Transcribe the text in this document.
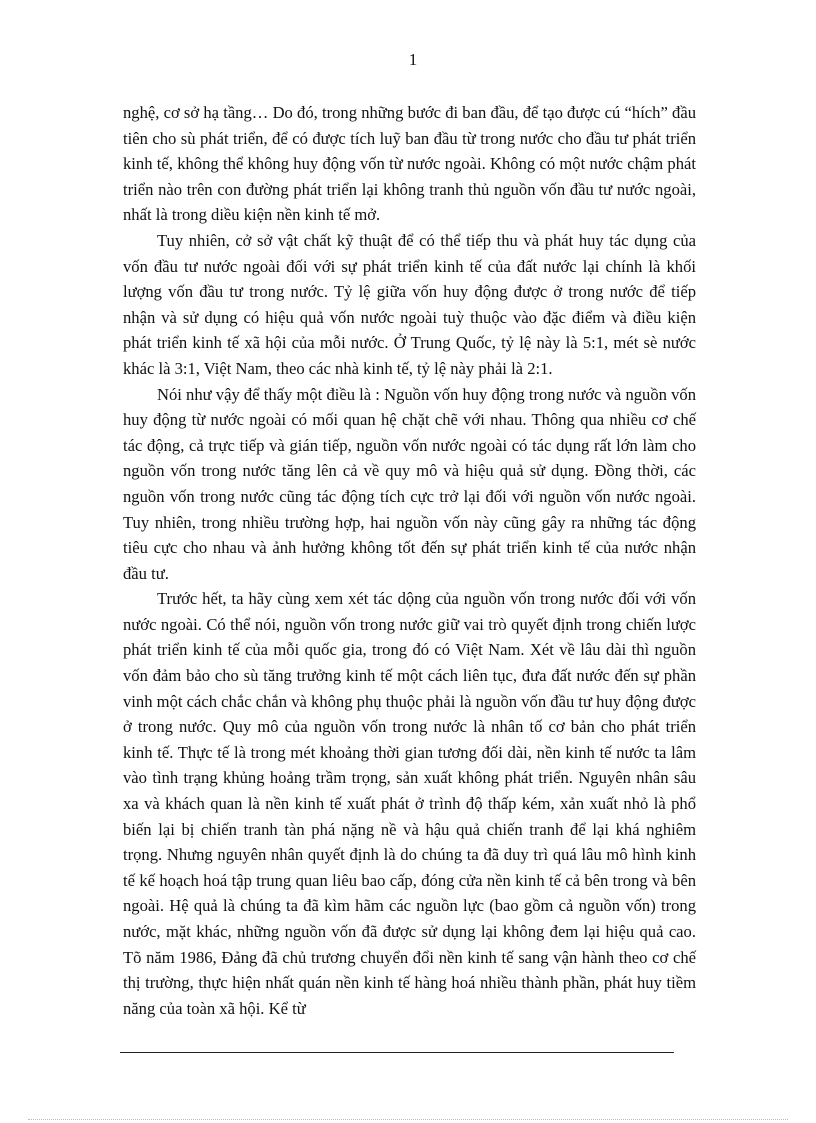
1

nghệ, cơ sở hạ tầng… Do đó, trong những bước đi ban đầu, để tạo được cú “hích” đầu tiên cho sù phát triển, để có được tích luỹ ban đầu từ trong nước cho đầu tư phát triển kinh tế, không thể không huy động vốn từ nước ngoài. Không có một nước chậm phát triển nào trên con đường phát triển lại không tranh thủ nguồn vốn đầu tư nước ngoài, nhất là trong diều kiện nền kinh tế mở.

Tuy nhiên, cở sở vật chất kỹ thuật để có thể tiếp thu và phát huy tác dụng của vốn đầu tư nước ngoài đối với sự phát triển kinh tế của đất nước lại chính là khối lượng vốn đầu tư trong nước. Tỷ lệ giữa vốn huy động được ở trong nước để tiếp nhận và sử dụng có hiệu quả vốn nước ngoài tuỳ thuộc vào đặc điểm và điều kiện phát triển kinh tế xã hội của mỗi nước. Ở Trung Quốc, tỷ lệ này là 5:1, mét sè nước khác là 3:1, Việt Nam, theo các nhà kinh tế, tỷ lệ này phải là 2:1.

Nói như vậy để thấy một điều là : Nguồn vốn huy động trong nước và nguồn vốn huy động từ nước ngoài có mối quan hệ chặt chẽ với nhau. Thông qua nhiều cơ chế tác động, cả trực tiếp và gián tiếp, nguồn vốn nước ngoài có tác dụng rất lớn làm cho nguồn vốn trong nước tăng lên cả về quy mô và hiệu quả sử dụng. Đồng thời, các nguồn vốn trong nước cũng tác động tích cực trở lại đối với nguồn vốn nước ngoài. Tuy nhiên, trong nhiều trường hợp, hai nguồn vốn này cũng gây ra những tác động tiêu cực cho nhau và ảnh hưởng không tốt đến sự phát triển kinh tế của nước nhận đầu tư.

Trước hết, ta hãy cùng xem xét tác dộng của nguồn vốn trong nước đối với vốn nước ngoài. Có thể nói, nguồn vốn trong nước giữ vai trò quyết định trong chiến lược phát triển kinh tế của mỗi quốc gia, trong đó có Việt Nam. Xét về lâu dài thì nguồn vốn đảm bảo cho sù tăng trưởng kinh tế một cách liên tục, đưa đất nước đến sự phần vinh một cách chắc chắn và không phụ thuộc phải là nguồn vốn đầu tư huy động được ở trong nước. Quy mô của nguồn vốn trong nước là nhân tố cơ bản cho phát triển kinh tế. Thực tế là trong mét khoảng thời gian tương đối dài, nền kinh tế nước ta lâm vào tình trạng khủng hoảng trầm trọng, sản xuất không phát triển. Nguyên nhân sâu xa và khách quan là nền kinh tế xuất phát ở trình độ thấp kém, xản xuất nhỏ là phổ biến lại bị chiến tranh tàn phá nặng nề và hậu quả chiến tranh để lại khá nghiêm trọng. Nhưng nguyên nhân quyết định là do chúng ta đã duy trì quá lâu mô hình kinh tế kế hoạch hoá tập trung quan liêu bao cấp, đóng cửa nền kinh tế cả bên trong và bên ngoài. Hệ quả là chúng ta đã kìm hãm các nguồn lực (bao gồm cả nguồn vốn) trong nước, mặt khác, những nguồn vốn đã được sử dụng lại không đem lại hiệu quả cao. Tõ năm 1986, Đảng đã chủ trương chuyển đổi nền kinh tế sang vận hành theo cơ chế thị trường, thực hiện nhất quán nền kinh tế hàng hoá nhiều thành phần, phát huy tiềm năng của toàn xã hội. Kể từ
